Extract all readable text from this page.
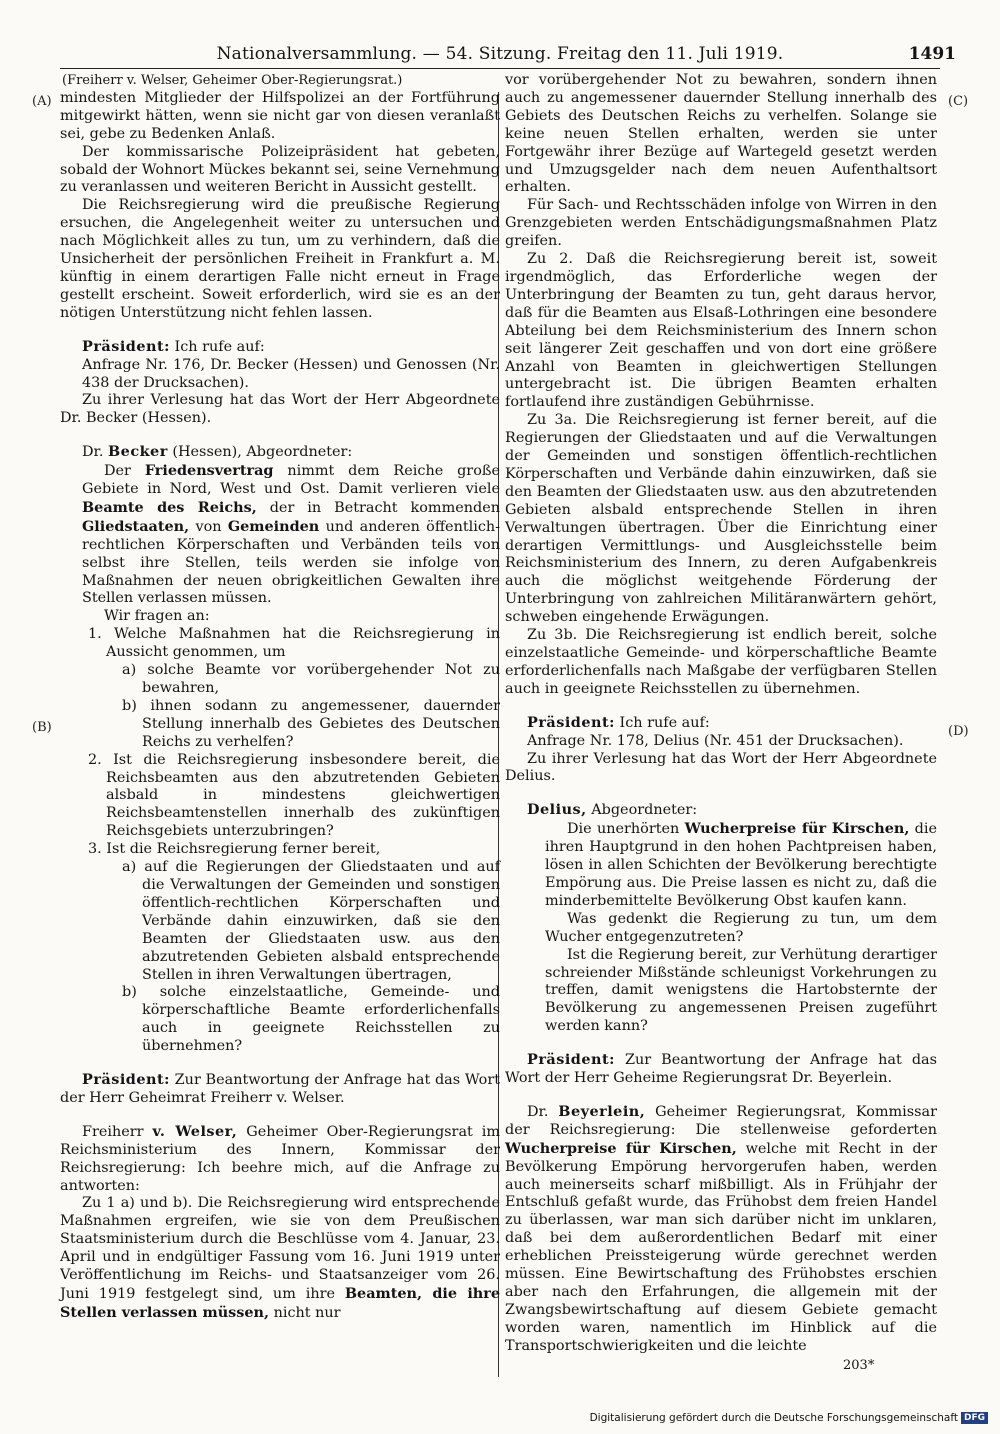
Nationalversammlung. — 54. Sitzung. Freitag den 11. Juli 1919.	1491
(A)
(B)
(C)
(D)

(Freiherr v. Welser, Geheimer Ober-Regierungsrat.)

mindesten Mitglieder der Hilfspolizei an der Fortführung mitgewirkt hätten, wenn sie nicht gar von diesen veranlaßt sei, gebe zu Bedenken Anlaß.

Der kommissarische Polizeipräsident hat gebeten, sobald der Wohnort Mückes bekannt sei, seine Vernehmung zu veranlassen und weiteren Bericht in Aussicht gestellt.

Die Reichsregierung wird die preußische Regierung ersuchen, die Angelegenheit weiter zu untersuchen und nach Möglichkeit alles zu tun, um zu verhindern, daß die Unsicherheit der persönlichen Freiheit in Frankfurt a. M. künftig in einem derartigen Falle nicht erneut in Frage gestellt erscheint. Soweit erforderlich, wird sie es an der nötigen Unterstützung nicht fehlen lassen.

Präsident: Ich rufe auf:

Anfrage Nr. 176, Dr. Becker (Hessen) und Genossen (Nr. 438 der Drucksachen).

Zu ihrer Verlesung hat das Wort der Herr Abgeordnete Dr. Becker (Hessen).

Dr. Becker (Hessen), Abgeordneter:

Der Friedensvertrag nimmt dem Reiche große Gebiete in Nord, West und Ost. Damit verlieren viele Beamte des Reichs, der in Betracht kommenden Gliedstaaten, von Gemeinden und anderen öffentlich-rechtlichen Körperschaften und Verbänden teils von selbst ihre Stellen, teils werden sie infolge von Maßnahmen der neuen obrigkeitlichen Gewalten ihre Stellen verlassen müssen.

Wir fragen an:

1. Welche Maßnahmen hat die Reichsregierung in Aussicht genommen, um

a) solche Beamte vor vorübergehender Not zu bewahren,

b) ihnen sodann zu angemessener, dauernder Stellung innerhalb des Gebietes des Deutschen Reichs zu verhelfen?

2. Ist die Reichsregierung insbesondere bereit, die Reichsbeamten aus den abzutretenden Gebieten alsbald in mindestens gleichwertigen Reichsbeamtenstellen innerhalb des zukünftigen Reichsgebiets unterzubringen?

3. Ist die Reichsregierung ferner bereit,

a) auf die Regierungen der Gliedstaaten und auf die Verwaltungen der Gemeinden und sonstigen öffentlich-rechtlichen Körperschaften und Verbände dahin einzuwirken, daß sie den Beamten der Gliedstaaten usw. aus den abzutretenden Gebieten alsbald entsprechende Stellen in ihren Verwaltungen übertragen,

b) solche einzelstaatliche, Gemeinde- und körperschaftliche Beamte erforderlichenfalls auch in geeignete Reichsstellen zu übernehmen?

Präsident: Zur Beantwortung der Anfrage hat das Wort der Herr Geheimrat Freiherr v. Welser.

Freiherr v. Welser, Geheimer Ober-Regierungsrat im Reichsministerium des Innern, Kommissar der Reichsregierung: Ich beehre mich, auf die Anfrage zu antworten:

Zu 1 a) und b). Die Reichsregierung wird entsprechende Maßnahmen ergreifen, wie sie von dem Preußischen Staatsministerium durch die Beschlüsse vom 4. Januar, 23. April und in endgültiger Fassung vom 16. Juni 1919 unter Veröffentlichung im Reichs- und Staatsanzeiger vom 26. Juni 1919 festgelegt sind, um ihre Beamten, die ihre Stellen verlassen müssen, nicht nur

vor vorübergehender Not zu bewahren, sondern ihnen auch zu angemessener dauernder Stellung innerhalb des Gebiets des Deutschen Reichs zu verhelfen. Solange sie keine neuen Stellen erhalten, werden sie unter Fortgewähr ihrer Bezüge auf Wartegeld gesetzt werden und Umzugsgelder nach dem neuen Aufenthaltsort erhalten.

Für Sach- und Rechtsschäden infolge von Wirren in den Grenzgebieten werden Entschädigungsmaßnahmen Platz greifen.

Zu 2. Daß die Reichsregierung bereit ist, soweit irgendmöglich, das Erforderliche wegen der Unterbringung der Beamten zu tun, geht daraus hervor, daß für die Beamten aus Elsaß-Lothringen eine besondere Abteilung bei dem Reichsministerium des Innern schon seit längerer Zeit geschaffen und von dort eine größere Anzahl von Beamten in gleichwertigen Stellungen untergebracht ist. Die übrigen Beamten erhalten fortlaufend ihre zuständigen Gebührnisse.

Zu 3a. Die Reichsregierung ist ferner bereit, auf die Regierungen der Gliedstaaten und auf die Verwaltungen der Gemeinden und sonstigen öffentlich-rechtlichen Körperschaften und Verbände dahin einzuwirken, daß sie den Beamten der Gliedstaaten usw. aus den abzutretenden Gebieten alsbald entsprechende Stellen in ihren Verwaltungen übertragen. Über die Einrichtung einer derartigen Vermittlungs- und Ausgleichsstelle beim Reichsministerium des Innern, zu deren Aufgabenkreis auch die möglichst weitgehende Förderung der Unterbringung von zahlreichen Militäranwärtern gehört, schweben eingehende Erwägungen.

Zu 3b. Die Reichsregierung ist endlich bereit, solche einzelstaatliche Gemeinde- und körperschaftliche Beamte erforderlichenfalls nach Maßgabe der verfügbaren Stellen auch in geeignete Reichsstellen zu übernehmen.

Präsident: Ich rufe auf:

Anfrage Nr. 178, Delius (Nr. 451 der Drucksachen).

Zu ihrer Verlesung hat das Wort der Herr Abgeordnete Delius.

Delius, Abgeordneter:

Die unerhörten Wucherpreise für Kirschen, die ihren Hauptgrund in den hohen Pachtpreisen haben, lösen in allen Schichten der Bevölkerung berechtigte Empörung aus. Die Preise lassen es nicht zu, daß die minderbemittelte Bevölkerung Obst kaufen kann.

Was gedenkt die Regierung zu tun, um dem Wucher entgegenzutreten?

Ist die Regierung bereit, zur Verhütung derartiger schreiender Mißstände schleunigst Vorkehrungen zu treffen, damit wenigstens die Hartobsternte der Bevölkerung zu angemessenen Preisen zugeführt werden kann?

Präsident: Zur Beantwortung der Anfrage hat das Wort der Herr Geheime Regierungsrat Dr. Beyerlein.

Dr. Beyerlein, Geheimer Regierungsrat, Kommissar der Reichsregierung: Die stellenweise geforderten Wucherpreise für Kirschen, welche mit Recht in der Bevölkerung Empörung hervorgerufen haben, werden auch meinerseits scharf mißbilligt. Als in Frühjahr der Entschluß gefaßt wurde, das Frühobst dem freien Handel zu überlassen, war man sich darüber nicht im unklaren, daß bei dem außerordentlichen Bedarf mit einer erheblichen Preissteigerung würde gerechnet werden müssen. Eine Bewirtschaftung des Frühobstes erschien aber nach den Erfahrungen, die allgemein mit der Zwangsbewirtschaftung auf diesem Gebiete gemacht worden waren, namentlich im Hinblick auf die Transportschwierigkeiten und die leichte

203*
Digitalisierung gefördert durch die Deutsche Forschungsgemeinschaft DFG
